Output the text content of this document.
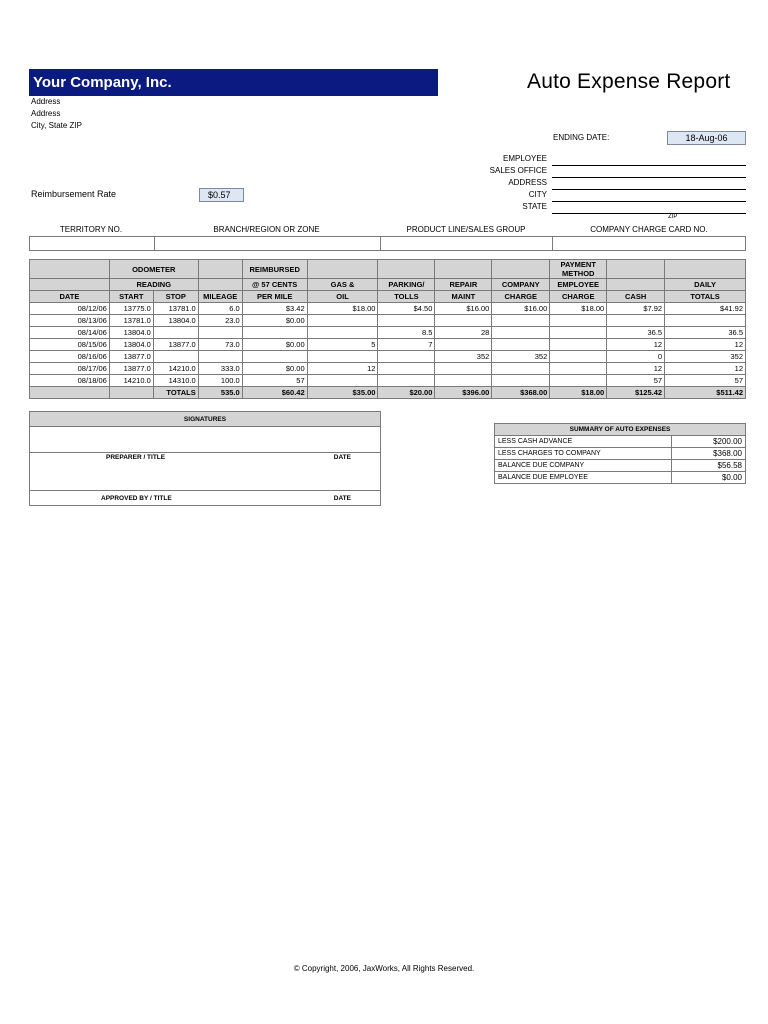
Your Company, Inc.	Auto Expense Report
Address
Address
City, State ZIP
ENDING DATE:	18-Aug-06
EMPLOYEE
SALES OFFICE
ADDRESS
CITY
STATE
ZIP
Reimbursement Rate	$0.57
TERRITORY NO.	BRANCH/REGION OR ZONE	PRODUCT LINE/SALES GROUP	COMPANY CHARGE CARD NO.

	ODOMETER			REIMBURSED					PAYMENT METHOD		
	READING			@ 57 CENTS	GAS &	PARKING/	REPAIR	COMPANY	EMPLOYEE		DAILY
DATE	START	STOP	MILEAGE	PER MILE	OIL	TOLLS	MAINT	CHARGE	CHARGE	CASH	TOTALS
08/12/06	13775.0	13781.0	6.0	$3.42	$18.00	$4.50	$16.00	$16.00	$18.00	$7.92	$41.92
08/13/06	13781.0	13804.0	23.0	$0.00							
08/14/06	13804.0					8.5	28			36.5	36.5
08/15/06	13804.0	13877.0	73.0	$0.00	5	7				12	12
08/16/06	13877.0						352	352		0	352
08/17/06	13877.0	14210.0	333.0	$0.00	12					12	12
08/18/06	14210.0	14310.0	100.0	57						57	57
		TOTALS	535.0	$60.42	$35.00	$20.00	$396.00	$368.00	$18.00	$125.42	$511.42
SIGNATURES

PREPARER / TITLE	DATE

APPROVED BY / TITLE	DATE
SUMMARY OF AUTO EXPENSES	
LESS CASH ADVANCE	$200.00
LESS CHARGES TO COMPANY	$368.00
BALANCE DUE COMPANY	$56.58
BALANCE DUE EMPLOYEE	$0.00
© Copyright, 2006, JaxWorks, All Rights Reserved.
